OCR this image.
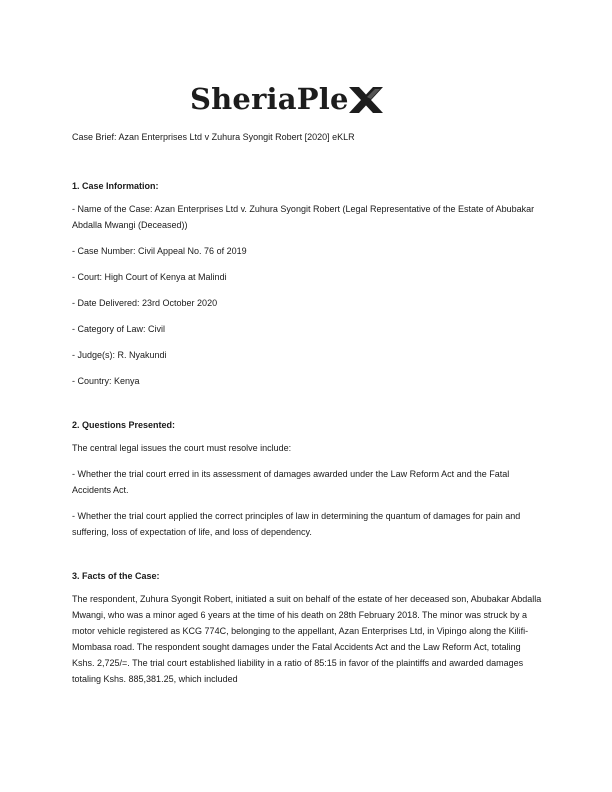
SheriaPle
Case Brief: Azan Enterprises Ltd v Zuhura Syongit Robert [2020] eKLR
1. Case Information:

- Name of the Case: Azan Enterprises Ltd v. Zuhura Syongit Robert (Legal Representative of the Estate of Abubakar Abdalla Mwangi (Deceased))

- Case Number: Civil Appeal No. 76 of 2019

- Court: High Court of Kenya at Malindi

- Date Delivered: 23rd October 2020

- Category of Law: Civil

- Judge(s): R. Nyakundi

- Country: Kenya

2. Questions Presented:

The central legal issues the court must resolve include:

- Whether the trial court erred in its assessment of damages awarded under the Law Reform Act and the Fatal Accidents Act.

- Whether the trial court applied the correct principles of law in determining the quantum of damages for pain and suffering, loss of expectation of life, and loss of dependency.

3. Facts of the Case:

The respondent, Zuhura Syongit Robert, initiated a suit on behalf of the estate of her deceased son, Abubakar Abdalla Mwangi, who was a minor aged 6 years at the time of his death on 28th February 2018. The minor was struck by a motor vehicle registered as KCG 774C, belonging to the appellant, Azan Enterprises Ltd, in Vipingo along the Kilifi-Mombasa road. The respondent sought damages under the Fatal Accidents Act and the Law Reform Act, totaling Kshs. 2,725/=. The trial court established liability in a ratio of 85:15 in favor of the plaintiffs and awarded damages totaling Kshs. 885,381.25, which included
